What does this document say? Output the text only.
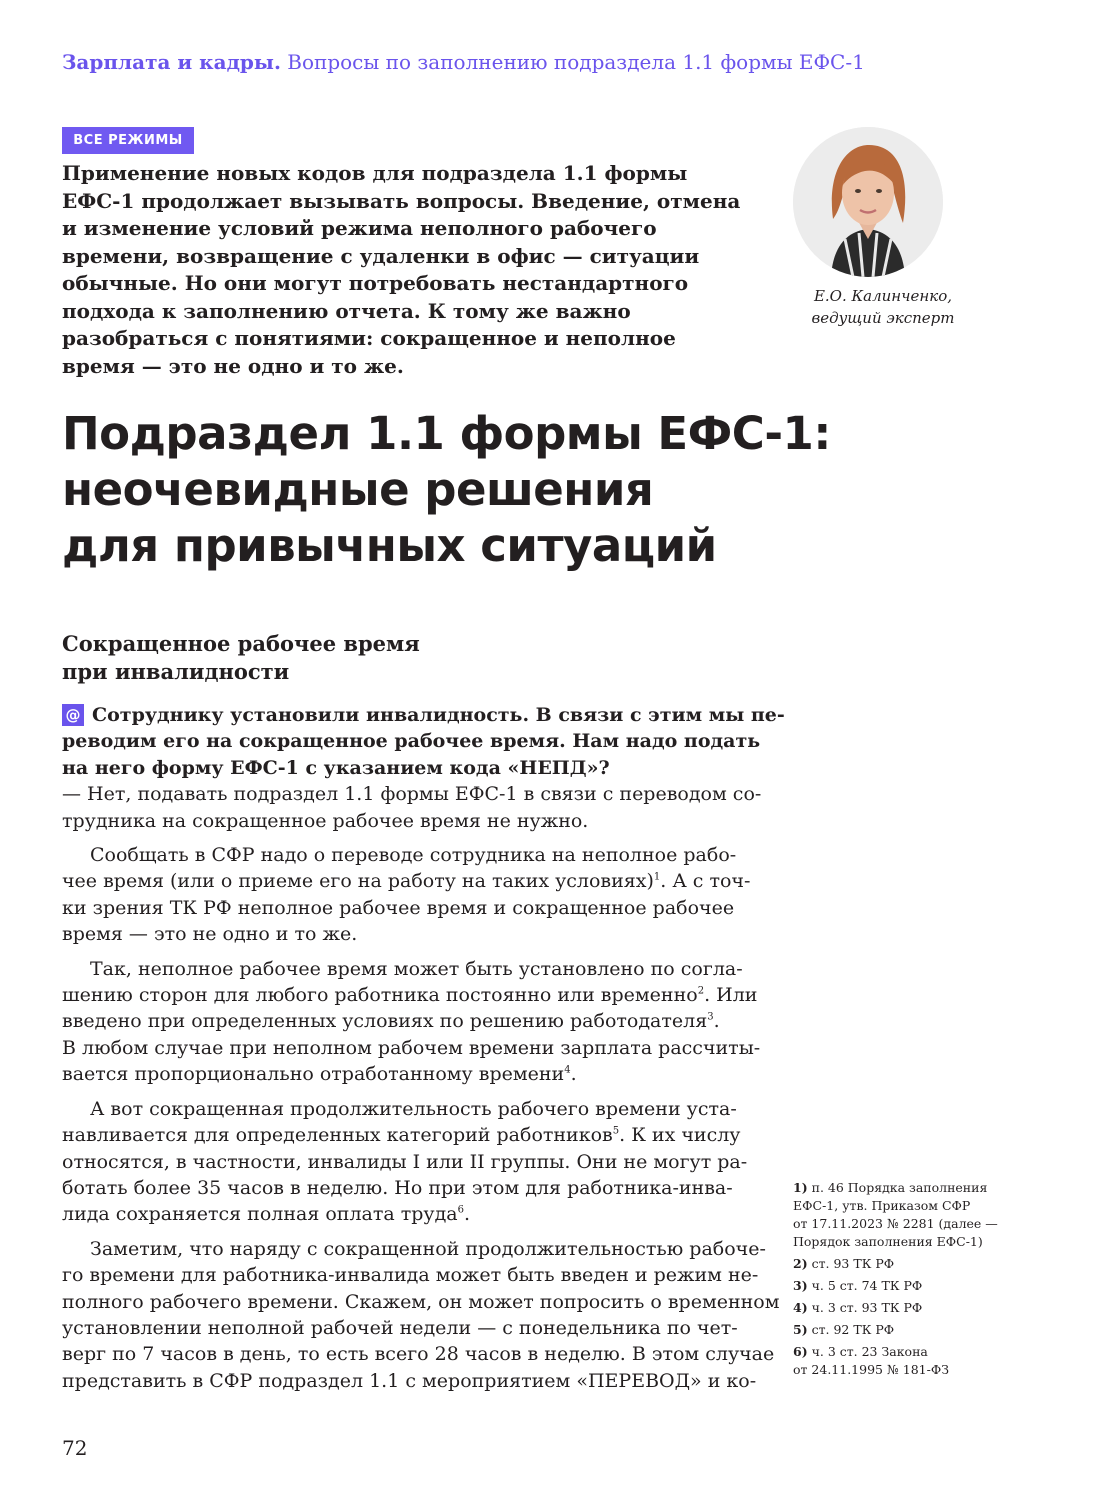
Зарплата и кадры. Вопросы по заполнению подраздела 1.1 формы ЕФС-1
ВСЕ РЕЖИМЫ
Применение новых кодов для подраздела 1.1 формы
ЕФС-1 продолжает вызывать вопросы. Введение, отмена
и изменение условий режима неполного рабочего
времени, возвращение с удаленки в офис — ситуации
обычные. Но они могут потребовать нестандартного
подхода к заполнению отчета. К тому же важно
разобраться с понятиями: сокращенное и неполное
время — это не одно и то же.
Е.О. Калинченко,
ведущий эксперт
Подраздел 1.1 формы ЕФС-1:
неочевидные решения
для привычных ситуаций
Сокращенное рабочее время
при инвалидности
@ Сотруднику установили инвалидность. В связи с этим мы пе-
реводим его на сокращенное рабочее время. Нам надо подать
на него форму ЕФС-1 с указанием кода «НЕПД»?
— Нет, подавать подраздел 1.1 формы ЕФС-1 в связи с переводом со-
трудника на сокращенное рабочее время не нужно.
Сообщать в СФР надо о переводе сотрудника на неполное рабо-
чее время (или о приеме его на работу на таких условиях)$^1$. А с точ-
ки зрения ТК РФ неполное рабочее время и сокращенное рабочее
время — это не одно и то же.
Так, неполное рабочее время может быть установлено по согла-
шению сторон для любого работника постоянно или временно$^2$. Или
введено при определенных условиях по решению работодателя$^3$.
В любом случае при неполном рабочем времени зарплата рассчиты-
вается пропорционально отработанному времени$^4$.
А вот сокращенная продолжительность рабочего времени уста-
навливается для определенных категорий работников$^5$. К их числу
относятся, в частности, инвалиды I или II группы. Они не могут ра-
ботать более 35 часов в неделю. Но при этом для работника-инва-
лида сохраняется полная оплата труда$^6$.
Заметим, что наряду с сокращенной продолжительностью рабоче-
го времени для работника-инвалида может быть введен и режим не-
полного рабочего времени. Скажем, он может попросить о временном
установлении неполной рабочей недели — с понедельника по чет-
верг по 7 часов в день, то есть всего 28 часов в неделю. В этом случае
представить в СФР подраздел 1.1 с мероприятием «ПЕРЕВОД» и ко-
1) п. 46 Порядка заполнения
ЕФС-1, утв. Приказом СФР
от 17.11.2023 № 2281 (далее —
Порядок заполнения ЕФС-1)
2) ст. 93 ТК РФ
3) ч. 5 ст. 74 ТК РФ
4) ч. 3 ст. 93 ТК РФ
5) ст. 92 ТК РФ
6) ч. 3 ст. 23 Закона
от 24.11.1995 № 181-ФЗ
72
